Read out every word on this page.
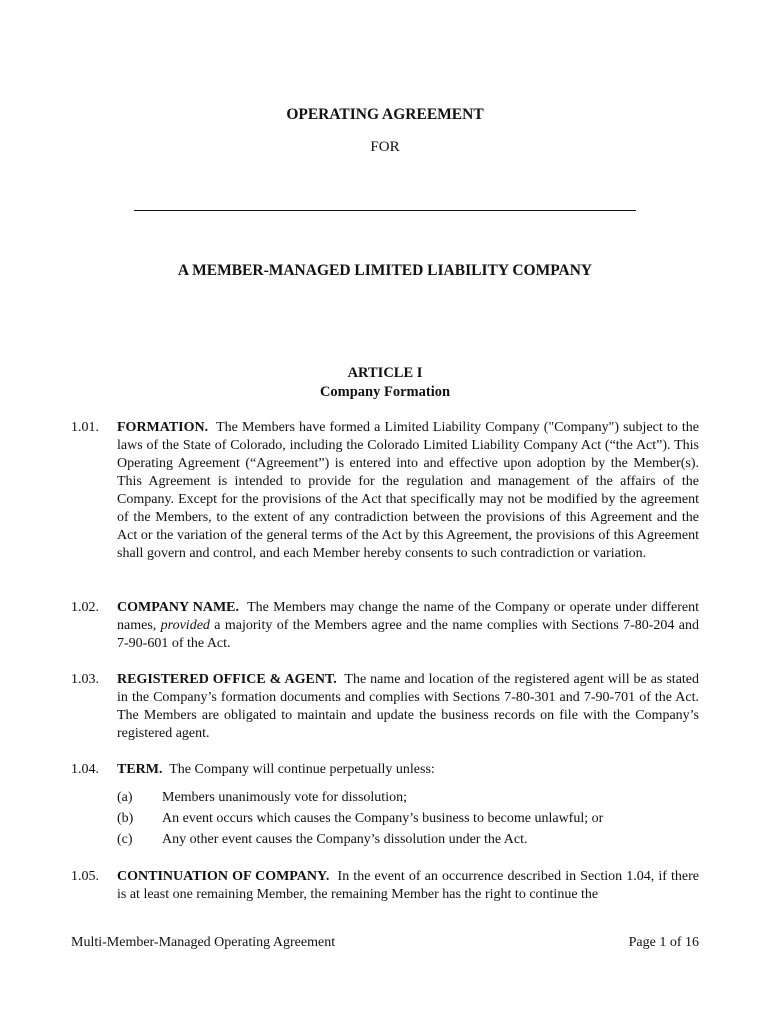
OPERATING AGREEMENT
FOR
A MEMBER-MANAGED LIMITED LIABILITY COMPANY
ARTICLE I
Company Formation
1.01.	FORMATION. The Members have formed a Limited Liability Company ("Company") subject to the laws of the State of Colorado, including the Colorado Limited Liability Company Act (“the Act”). This Operating Agreement (“Agreement”) is entered into and effective upon adoption by the Member(s). This Agreement is intended to provide for the regulation and management of the affairs of the Company. Except for the provisions of the Act that specifically may not be modified by the agreement of the Members, to the extent of any contradiction between the provisions of this Agreement and the Act or the variation of the general terms of the Act by this Agreement, the provisions of this Agreement shall govern and control, and each Member hereby consents to such contradiction or variation.
1.02.	COMPANY NAME. The Members may change the name of the Company or operate under different names, provided a majority of the Members agree and the name complies with Sections 7-80-204 and 7-90-601 of the Act.
1.03.	REGISTERED OFFICE & AGENT. The name and location of the registered agent will be as stated in the Company’s formation documents and complies with Sections 7-80-301 and 7-90-701 of the Act. The Members are obligated to maintain and update the business records on file with the Company’s registered agent.
1.04.	TERM. The Company will continue perpetually unless:
(a) Members unanimously vote for dissolution;
(b) An event occurs which causes the Company’s business to become unlawful; or
(c) Any other event causes the Company’s dissolution under the Act.
1.05.	CONTINUATION OF COMPANY. In the event of an occurrence described in Section 1.04, if there is at least one remaining Member, the remaining Member has the right to continue the
Multi-Member-Managed Operating Agreement	Page 1 of 16
